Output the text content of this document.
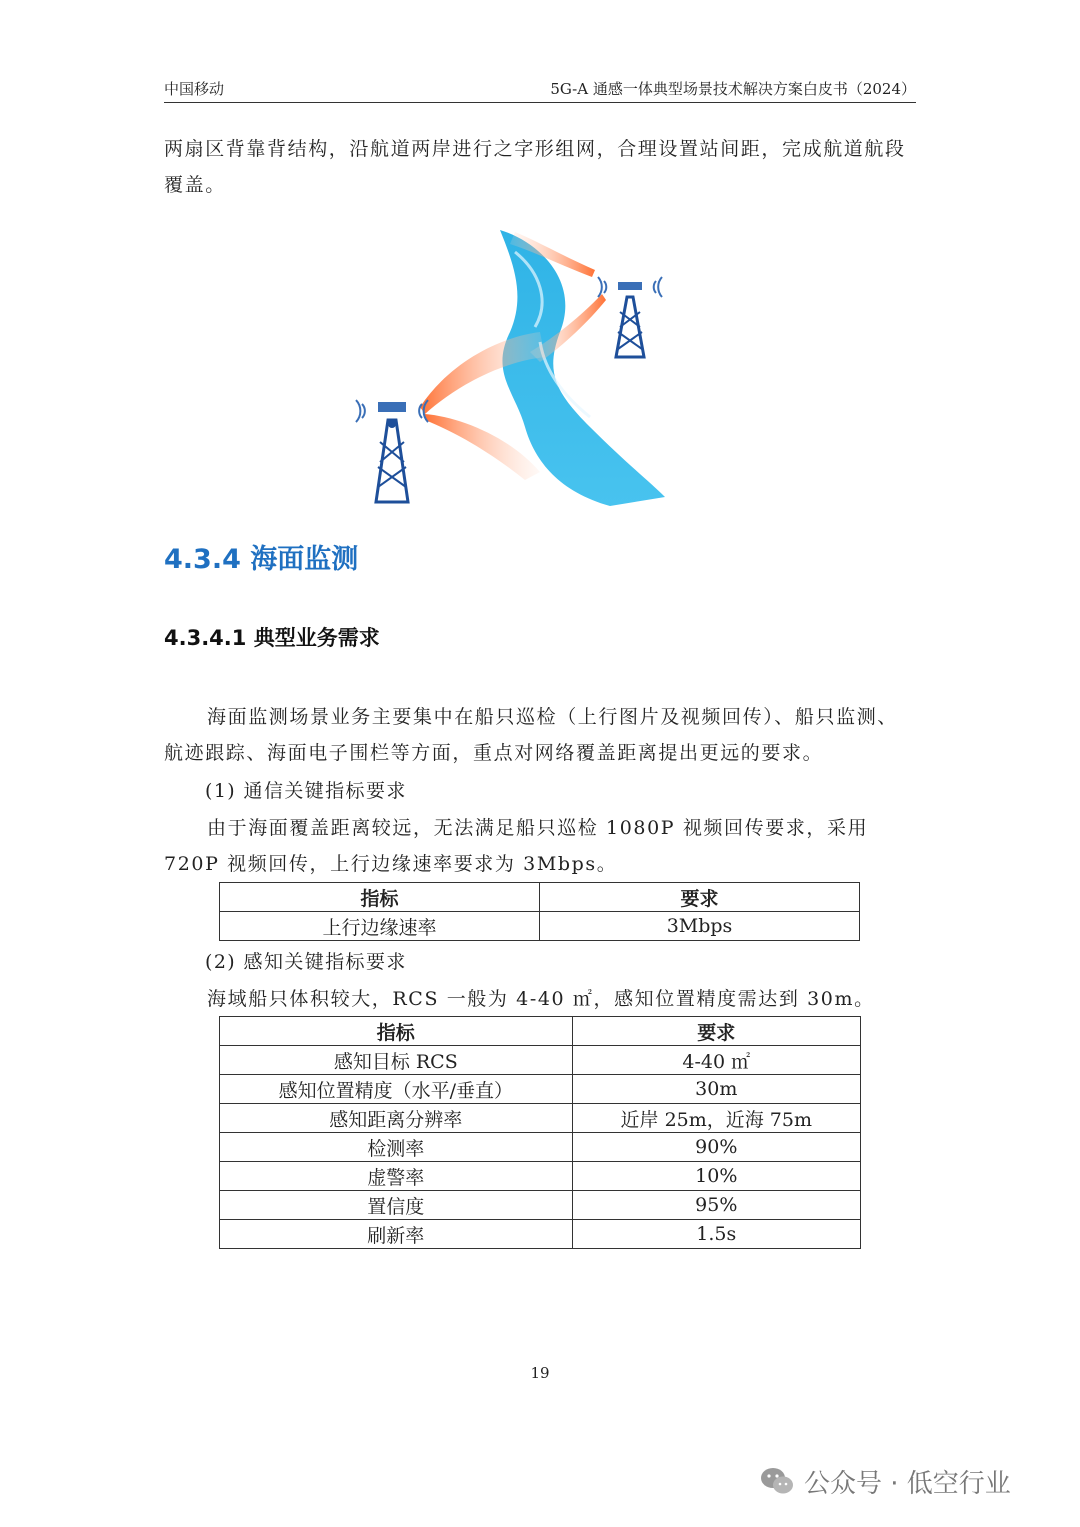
中国移动	5G-A 通感一体典型场景技术解决方案白皮书（2024）
两扇区背靠背结构，沿航道两岸进行之字形组网，合理设置站间距，完成航道航段覆盖。
4.3.4 海面监测
4.3.4.1 典型业务需求
海面监测场景业务主要集中在船只巡检（上行图片及视频回传）、船只监测、航迹跟踪、海面电子围栏等方面，重点对网络覆盖距离提出更远的要求。
(1) 通信关键指标要求
由于海面覆盖距离较远，无法满足船只巡检 1080P 视频回传要求，采用 720P 视频回传，上行边缘速率要求为 3Mbps。
指标	要求
上行边缘速率	3Mbps
(2) 感知关键指标要求
海域船只体积较大，RCS 一般为 4-40 ㎡，感知位置精度需达到 30m。
指标	要求
感知目标 RCS	4-40 ㎡
感知位置精度（水平/垂直）	30m
感知距离分辨率	近岸 25m，近海 75m
检测率	90%
虚警率	10%
置信度	95%
刷新率	1.5s
19
公众号 · 低空行业
